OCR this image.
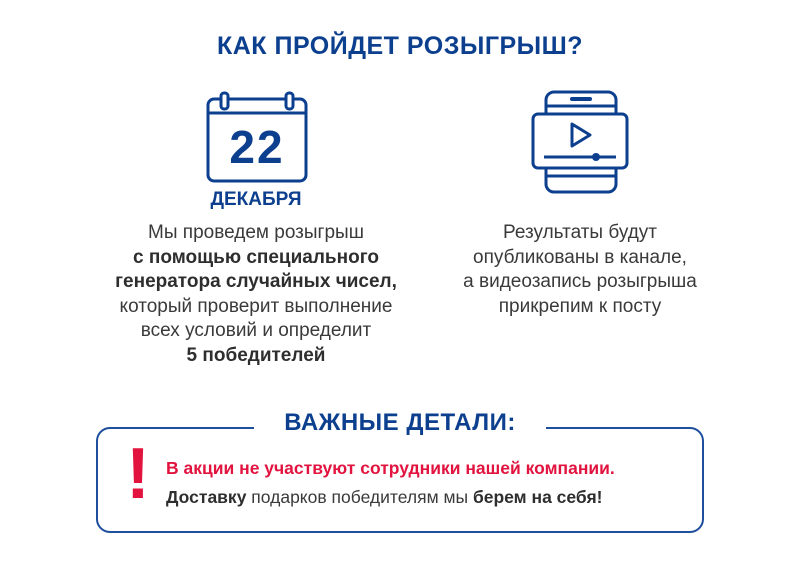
КАК ПРОЙДЕТ РОЗЫГРЫШ?
22
ДЕКАБРЯ
Мы проведем розыгрыш
с помощью специального
генератора случайных чисел,
который проверит выполнение
всех условий и определит
5 победителей
Результаты будут
опубликованы в канале,
а видеозапись розыгрыша
прикрепим к посту
ВАЖНЫЕ ДЕТАЛИ:
! В акции не участвуют сотрудники нашей компании.
Доставку подарков победителям мы берем на себя!
